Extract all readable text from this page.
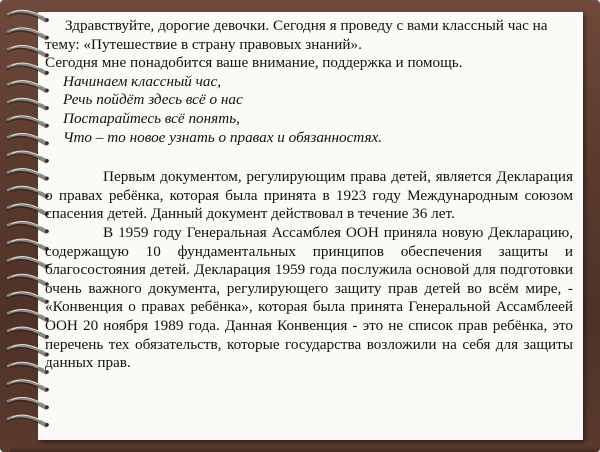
Здравствуйте, дорогие девочки. Сегодня я проведу с вами классный час на тему: «Путешествие в страну правовых знаний».

Сегодня мне понадобится ваше внимание, поддержка и помощь.

Начинаем классный час,

Речь пойдёт здесь всё о нас

Постарайтесь всё понять,

Что – то новое узнать о правах и обязанностях.

Первым документом, регулирующим права детей, является Декларация о правах ребёнка, которая была принята в 1923 году Международным союзом спасения детей. Данный документ действовал в течение 36 лет.

В 1959 году Генеральная Ассамблея ООН приняла новую Декларацию, содержащую 10 фундаментальных принципов обеспечения защиты и благосостояния детей. Декларация 1959 года послужила основой для подготовки очень важного документа, регулирующего защиту прав детей во всём мире, - «Конвенция о правах ребёнка», которая была принята Генеральной Ассамблеей ООН 20 ноября 1989 года. Данная Конвенция - это не список прав ребёнка, это перечень тех обязательств, которые государства возложили на себя для защиты данных прав.
